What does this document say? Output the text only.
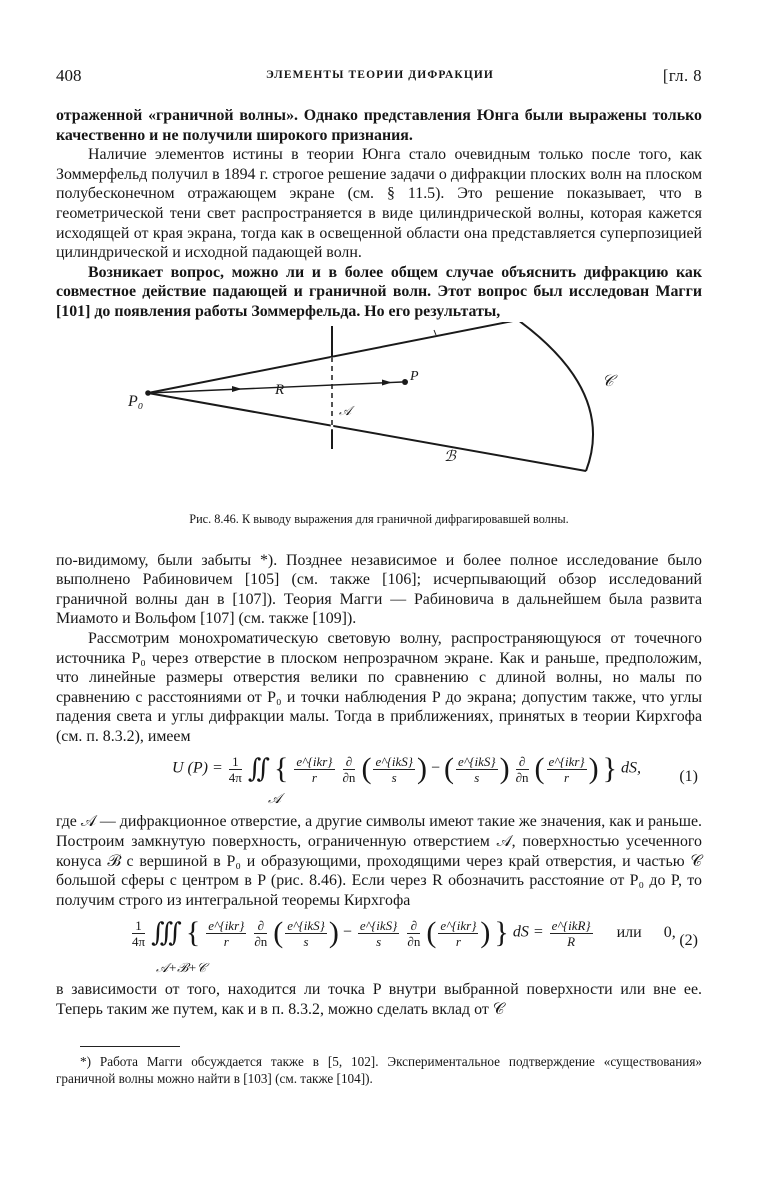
408	ЭЛЕМЕНТЫ ТЕОРИИ ДИФРАКЦИИ	[гл. 8

отраженной «граничной волны». Однако представления Юнга были выражены только качественно и не получили широкого признания.

Наличие элементов истины в теории Юнга стало очевидным только после того, как Зоммерфельд получил в 1894 г. строгое решение задачи о дифракции плоских волн на плоском полубесконечном отражающем экране (см. § 11.5). Это решение показывает, что в геометрической тени свет распространяется в виде цилиндрической волны, которая кажется исходящей от края экрана, тогда как в освещенной области она представляется суперпозицией цилиндрической и исходной падающей волн.

Возникает вопрос, можно ли и в более общем случае объяснить дифракцию как совместное действие падающей и граничной волн. Этот вопрос был исследован Магги [101] до появления работы Зоммерфельда. Но его результаты,

P₀
P
R
𝒜
ℬ
𝒞
Рис. 8.46. К выводу выражения для граничной дифрагировавшей волны.

по-видимому, были забыты *). Позднее независимое и более полное исследование было выполнено Рабиновичем [105] (см. также [106]; исчерпывающий обзор исследований граничной волны дан в [107]). Теория Магги — Рабиновича в дальнейшем была развита Миамото и Вольфом [107] (см. также [109]).

Рассмотрим монохроматическую световую волну, распространяющуюся от точечного источника P₀ через отверстие в плоском непрозрачном экране. Как и раньше, предположим, что линейные размеры отверстия велики по сравнению с длиной волны, но малы по сравнению с расстояниями от P₀ и точки наблюдения P до экрана; допустим также, что углы падения света и углы дифракции малы. Тогда в приближениях, принятых в теории Кирхгофа (см. п. 8.3.2), имеем

U $(P) = \frac{1}{4\pi}$ ∬ { $\frac{\text{e\textasciicircum{}\{ikr\}}}{r}$
$\frac{\partial}{\partial n}$ ( $\frac{\text{e\textasciicircum{}\{ikS\}}}{s}$ ) − ( $\frac{\text{e\textasciicircum{}\{ikS\}}}{s}$ ) $\frac{\partial}{\partial n}$ ( $\frac{\text{e\textasciicircum{}\{ikr\}}}{r}$ ) } dS,
𝒜
(1)

где 𝒜 — дифракционное отверстие, а другие символы имеют такие же значения, как и раньше. Построим замкнутую поверхность, ограниченную отверстием 𝒜, поверхностью усеченного конуса ℬ с вершиной в P₀ и образующими, проходящими через край отверстия, и частью 𝒞 большой сферы с центром в P (рис. 8.46). Если через R обозначить расстояние от P₀ до P, то получим строго из интегральной теоремы Кирхгофа

$\frac{1}{4\pi}$ ∭ { $\frac{\text{e\textasciicircum{}\{ikr\}}}{r}$
$\frac{\partial}{\partial n}$ ( $\frac{\text{e\textasciicircum{}\{ikS\}}}{s}$ ) − $\frac{\text{e\textasciicircum{}\{ikS\}}}{s}$
$\frac{\partial}{\partial n}$ ( $\frac{\text{e\textasciicircum{}\{ikr\}}}{r}$ ) } dS = $\frac{\text{e\textasciicircum{}\{ikR\}}}{R}$ или 0,
𝒜+ℬ+𝒞
(2)

в зависимости от того, находится ли точка P внутри выбранной поверхности или вне ее. Теперь таким же путем, как и в п. 8.3.2, можно сделать вклад от 𝒞

*) Работа Магги обсуждается также в [5, 102]. Экспериментальное подтверждение «существования» граничной волны можно найти в [103] (см. также [104]).
